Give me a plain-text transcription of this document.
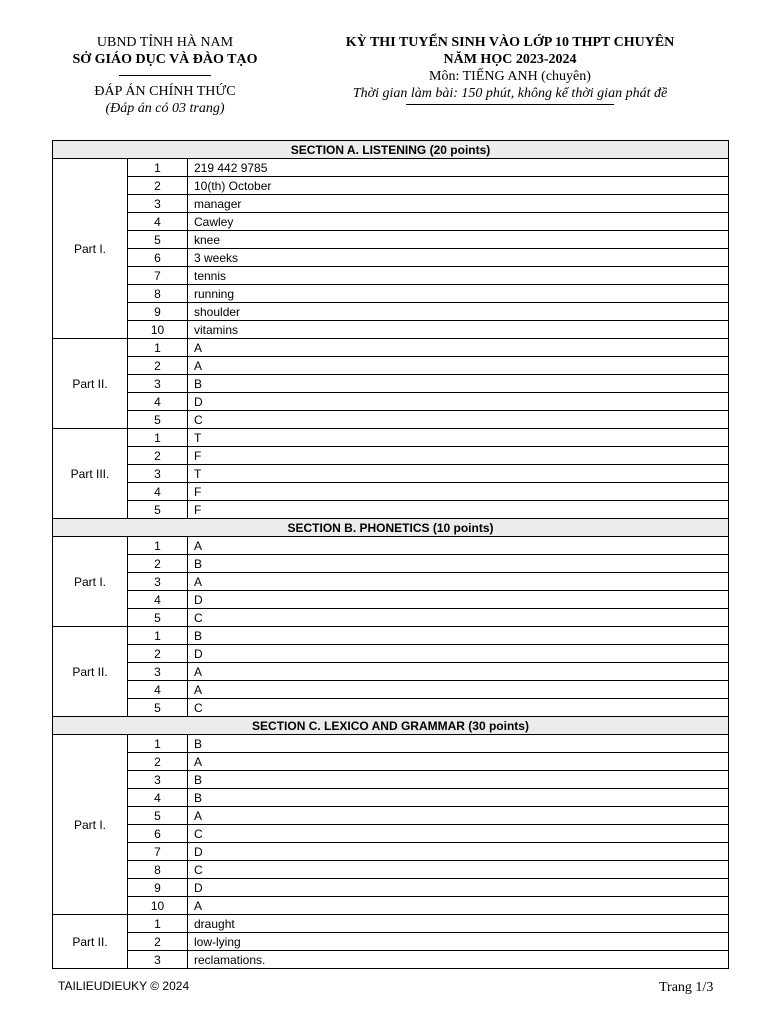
UBND TỈNH HÀ NAM
SỞ GIÁO DỤC VÀ ĐÀO TẠO
ĐÁP ÁN CHÍNH THỨC
(Đáp án có 03 trang)
KỲ THI TUYỂN SINH VÀO LỚP 10 THPT CHUYÊN
NĂM HỌC 2023-2024
Môn: TIẾNG ANH (chuyên)
Thời gian làm bài: 150 phút, không kể thời gian phát đề
SECTION A. LISTENING (20 points)		
Part I.	1	219 442 9785
	2	10(th) October
	3	manager
	4	Cawley
	5	knee
	6	3 weeks
	7	tennis
	8	running
	9	shoulder
	10	vitamins
Part II.	1	A
	2	A
	3	B
	4	D
	5	C
Part III.	1	T
	2	F
	3	T
	4	F
	5	F
SECTION B. PHONETICS (10 points)		
Part I.	1	A
	2	B
	3	A
	4	D
	5	C
Part II.	1	B
	2	D
	3	A
	4	A
	5	C
SECTION C. LEXICO AND GRAMMAR (30 points)		
Part I.	1	B
	2	A
	3	B
	4	B
	5	A
	6	C
	7	D
	8	C
	9	D
	10	A
Part II.	1	draught
	2	low-lying
	3	reclamations.
TAILIEUDIEUKY © 2024	Trang 1/3
